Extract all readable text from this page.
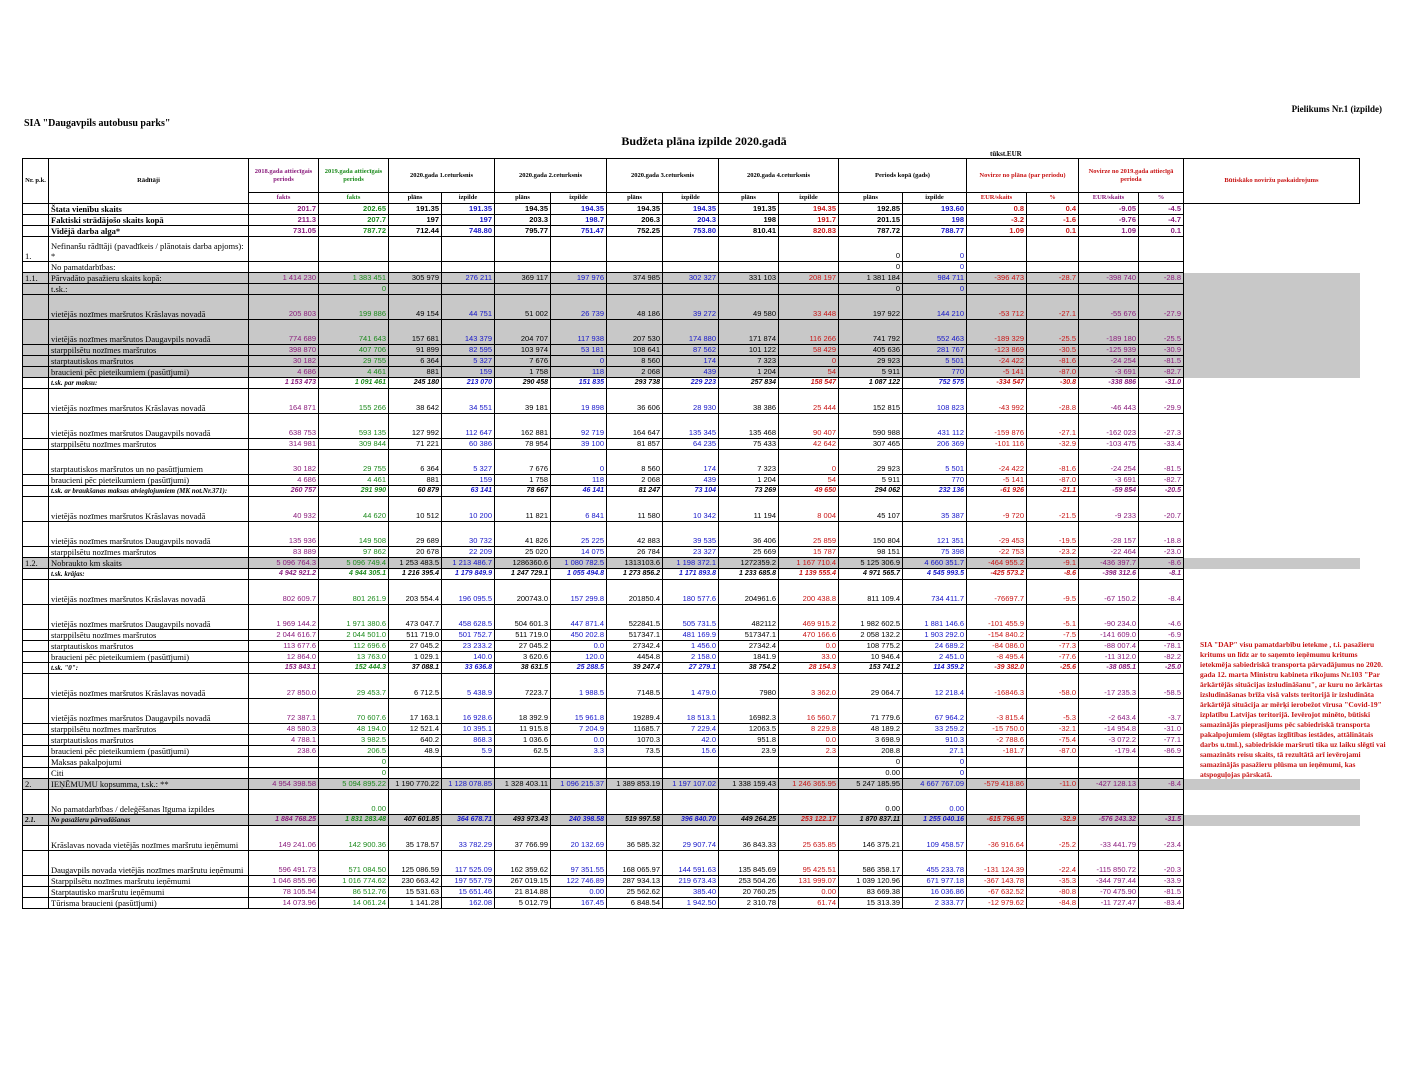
Pielikums Nr.1 (izpilde)
SIA "Daugavpils autobusu parks"
Budžeta plāna izpilde 2020.gadā
tūkst.EUR
Nr. p.k.	Rādītāji	2018.gada attiecīgais periods	2019.gada attiecīgais periods	2020.gada 1.ceturksnis		2020.gada 2.ceturksnis		2020.gada 3.ceturksnis		2020.gada 4.ceturksnis		Periods kopā (gads)		Novirze no plāna (par periodu)		Novirze no 2019.gada attiecīgā perioda		Būtiskāko noviržu paskaidrojums
		fakts	fakts	plāns	izpilde	plāns	izpilde	plāns	izpilde	plāns	izpilde	plāns	izpilde	EUR/skaits	%	EUR/skaits	%	
	Štata vienību skaits	201.7	202.65	191.35	191.35	194.35	194.35	194.35	194.35	191.35	194.35	192.85	193.60	0.8	0.4	-9.05	-4.5	
	Faktiski strādājošo skaits kopā	211.3	207.7	197	197	203.3	198.7	206.3	204.3	198	191.7	201.15	198	-3.2	-1.6	-9.76	-4.7	
	Vidējā darba alga*	731.05	787.72	712.44	748.80	795.77	751.47	752.25	753.80	810.41	820.83	787.72	788.77	1.09	0.1	1.09	0.1	
1.	Nefinanšu rādītāji (pavadīkeis / plānotais darba apjoms): *											0	0					
	No pamatdarbības:											0	0					
1.1.	Pārvadāto pasažieru skaits kopā:	1 414 230	1 383 451	305 979	276 211	369 117	197 976	374 985	302 327	331 103	208 197	1 381 184	984 711	-396 473	-28.7	-398 740	-28.8	
	t.sk.:		0									0	0					
	vietējās nozīmes maršrutos Krāslavas novadā	205 803	199 886	49 154	44 751	51 002	26 739	48 186	39 272	49 580	33 448	197 922	144 210	-53 712	-27.1	-55 676	-27.9	
	vietējās nozīmes maršrutos Daugavpils novadā	774 689	741 643	157 681	143 379	204 707	117 938	207 530	174 880	171 874	116 266	741 792	552 463	-189 329	-25.5	-189 180	-25.5	
	starppilsētu nozīmes maršrutos	398 870	407 706	91 899	82 595	103 974	53 181	108 641	87 562	101 122	58 429	405 636	281 767	-123 869	-30.5	-125 939	-30.9	
	starptautiskos maršrutos	30 182	29 755	6 364	5 327	7 676	0	8 560	174	7 323	0	29 923	5 501	-24 422	-81.6	-24 254	-81.5	
	braucieni pēc pieteikumiem (pasūtījumi)	4 686	4 461	881	159	1 758	118	2 068	439	1 204	54	5 911	770	-5 141	-87.0	-3 691	-82.7	
	t.sk. par maksu:	1 153 473	1 091 461	245 180	213 070	290 458	151 835	293 738	229 223	257 834	158 547	1 087 122	752 575	-334 547	-30.8	-338 886	-31.0	
	vietējās nozīmes maršrutos Krāslavas novadā	164 871	155 266	38 642	34 551	39 181	19 898	36 606	28 930	38 386	25 444	152 815	108 823	-43 992	-28.8	-46 443	-29.9	
	vietējās nozīmes maršrutos Daugavpils novadā	638 753	593 135	127 992	112 647	162 881	92 719	164 647	135 345	135 468	90 407	590 988	431 112	-159 876	-27.1	-162 023	-27.3	
	starppilsētu nozīmes maršrutos	314 981	309 844	71 221	60 386	78 954	39 100	81 857	64 235	75 433	42 642	307 465	206 369	-101 116	-32.9	-103 475	-33.4	
	starptautiskos maršrutos un no pasūtījumiem	30 182	29 755	6 364	5 327	7 676	0	8 560	174	7 323	0	29 923	5 501	-24 422	-81.6	-24 254	-81.5	
	braucieni pēc pieteikumiem (pasūtījumi)	4 686	4 461	881	159	1 758	118	2 068	439	1 204	54	5 911	770	-5 141	-87.0	-3 691	-82.7	
	t.sk. ar braukšanas maksas atvieglojumiem (MK not.Nr.371):	260 757	291 990	60 879	63 141	78 667	46 141	81 247	73 104	73 269	49 650	294 062	232 136	-61 926	-21.1	-59 854	-20.5	
	vietējās nozīmes maršrutos Krāslavas novadā	40 932	44 620	10 512	10 200	11 821	6 841	11 580	10 342	11 194	8 004	45 107	35 387	-9 720	-21.5	-9 233	-20.7	
	vietējās nozīmes maršrutos Daugavpils novadā	135 936	149 508	29 689	30 732	41 826	25 225	42 883	39 535	36 406	25 859	150 804	121 351	-29 453	-19.5	-28 157	-18.8	
	starppilsētu nozīmes maršrutos	83 889	97 862	20 678	22 209	25 020	14 075	26 784	23 327	25 669	15 787	98 151	75 398	-22 753	-23.2	-22 464	-23.0	
1.2.	Nobraukto km skaits	5 096 764.3	5 096 749.4	1 253 483.5	1 213 486.7	1286360.6	1 080 782.5	1313103.6	1 198 372.1	1272359.2	1 167 710.4	5 125 306.9	4 660 351.7	-464 955.2	-9.1	-436 397.7	-8.6	
	t.sk. krājas:	4 942 921.2	4 944 305.1	1 216 395.4	1 179 849.9	1 247 729.1	1 055 494.8	1 273 856.2	1 171 893.8	1 233 685.8	1 139 555.4	4 971 565.7	4 545 993.5	-425 573.2	-8.6	-398 312.6	-8.1	
	vietējās nozīmes maršrutos Krāslavas novadā	802 609.7	801 261.9	203 554.4	196 095.5	200743.0	157 299.8	201850.4	180 577.6	204961.6	200 438.8	811 109.4	734 411.7	-76697.7	-9.5	-67 150.2	-8.4	
	vietējās nozīmes maršrutos Daugavpils novadā	1 969 144.2	1 971 380.6	473 047.7	458 628.5	504 601.3	447 871.4	522841.5	505 731.5	482112	469 915.2	1 982 602.5	1 881 146.6	-101 455.9	-5.1	-90 234.0	-4.6	
	starppilsētu nozīmes maršrutos	2 044 616.7	2 044 501.0	511 719.0	501 752.7	511 719.0	450 202.8	517347.1	481 169.9	517347.1	470 166.6	2 058 132.2	1 903 292.0	-154 840.2	-7.5	-141 609.0	-6.9	
	starptautiskos maršrutos	113 677.6	112 696.6	27 045.2	23 233.2	27 045.2	0.0	27342.4	1 456.0	27342.4	0.0	108 775.2	24 689.2	-84 086.0	-77.3	-88 007.4	-78.1	
	braucieni pēc pieteikumiem (pasūtījumi)	12 864.0	13 763.0	1 029.1	140.0	3 620.6	120.0	4454.8	2 158.0	1841.9	33.0	10 946.4	2 451.0	-8 495.4	-77.6	-11 312.0	-82.2	
	t.sk. "0":	153 843.1	152 444.3	37 088.1	33 636.8	38 631.5	25 288.5	39 247.4	27 279.1	38 754.2	28 154.3	153 741.2	114 359.2	-39 382.0	-25.6	-38 085.1	-25.0	
	vietējās nozīmes maršrutos Krāslavas novadā	27 850.0	29 453.7	6 712.5	5 438.9	7223.7	1 988.5	7148.5	1 479.0	7980	3 362.0	29 064.7	12 218.4	-16846.3	-58.0	-17 235.3	-58.5	
	vietējās nozīmes maršrutos Daugavpils novadā	72 387.1	70 607.6	17 163.1	16 928.6	18 392.9	15 961.8	19289.4	18 513.1	16982.3	16 560.7	71 779.6	67 964.2	-3 815.4	-5.3	-2 643.4	-3.7	
	starppilsētu nozīmes maršrutos	48 580.3	48 194.0	12 521.4	10 395.1	11 915.8	7 204.9	11685.7	7 229.4	12063.5	8 229.8	48 189.2	33 259.2	-15 750.0	-32.1	-14 954.8	-31.0	
	starptautiskos maršrutos	4 788.1	3 982.5	640.2	868.3	1 036.6	0.0	1070.3	42.0	951.8	0.0	3 698.9	910.3	-2 788.6	-75.4	-3 072.2	-77.1	
	braucieni pēc pieteikumiem (pasūtījumi)	238.6	206.5	48.9	5.9	62.5	3.3	73.5	15.6	23.9	2.3	208.8	27.1	-181.7	-87.0	-179.4	-86.9	
	Maksas pakalpojumi		0									0	0					
	Citi		0									0.00	0					
2.	IEŅĒMUMU kopsumma, t.sk.: **	4 954 398.58	5 094 895.22	1 190 770.22	1 128 078.85	1 328 403.11	1 096 215.37	1 389 853.19	1 197 107.02	1 338 159.43	1 246 365.95	5 247 185.95	4 667 767.09	-579 418.86	-11.0	-427 128.13	-8.4	
	No pamatdarbības / deleģēšanas līguma izpildes		0.00									0.00	0.00					
2.1.	No pasažieru pārvadāšanas	1 884 768.25	1 831 283.48	407 601.85	364 678.71	493 973.43	240 398.58	519 997.58	396 840.70	449 264.25	253 122.17	1 870 837.11	1 255 040.16	-615 796.95	-32.9	-576 243.32	-31.5	
	Krāslavas novada vietējās nozīmes maršrutu ieņēmumi	149 241.06	142 900.36	35 178.57	33 782.29	37 766.99	20 132.69	36 585.32	29 907.74	36 843.33	25 635.85	146 375.21	109 458.57	-36 916.64	-25.2	-33 441.79	-23.4	
	Daugavpils novada vietējās nozīmes maršrutu ieņēmumi	596 491.73	571 084.50	125 086.59	117 525.09	162 359.62	97 351.55	168 065.97	144 591.63	135 845.69	95 425.51	586 358.17	455 233.78	-131 124.39	-22.4	-115 850.72	-20.3	
	Starppilsētu nozīmes maršrutu ieņēmumi	1 046 855.96	1 016 774.62	230 663.42	197 557.79	267 019.15	122 746.89	287 934.13	219 673.43	253 504.26	131 999.07	1 039 120.96	671 977.18	-367 143.78	-35.3	-344 797.44	-33.9	
	Starptautisko maršrutu ieņēmumi	78 105.54	86 512.76	15 531.63	15 651.46	21 814.88	0.00	25 562.62	385.40	20 760.25	0.00	83 669.38	16 036.86	-67 632.52	-80.8	-70 475.90	-81.5	
	Tūrisma braucieni (pasūtījumi)	14 073.96	14 061.24	1 141.28	162.08	5 012.79	167.45	6 848.54	1 942.50	2 310.78	61.74	15 313.39	2 333.77	-12 979.62	-84.8	-11 727.47	-83.4	
SIA "DAP" visu pamatdarbību ietekme , t.i. pasažieru kritums un līdz ar to saņemto ieņēmumu kritums ietekmēja sabiedriskā transporta pārvadājumus no 2020. gada 12. marta Ministru kabineta rīkojums Nr.103 "Par ārkārtējās situācijas izsludināšanu", ar kuru no ārkārtas izsludināšanas brīža visā valsts teritorijā ir izsludināta ārkārtējā situācija ar mērķi ierobežot vīrusa "Covid-19" izplatību Latvijas teritorijā. Ievērojot minēto, būtiski samazinājās pieprasījums pēc sabiedriskā transporta pakalpojumiem (slēgtas izglītības iestādes, attālinātais darbs u.tml.), sabiedriskie maršruti tika uz laiku slēgti vai samazināts reisu skaits, tā rezultātā arī ievērojami samazinājās pasažieru plūsma un ieņēmumi, kas atspoguļojas pārskatā.
